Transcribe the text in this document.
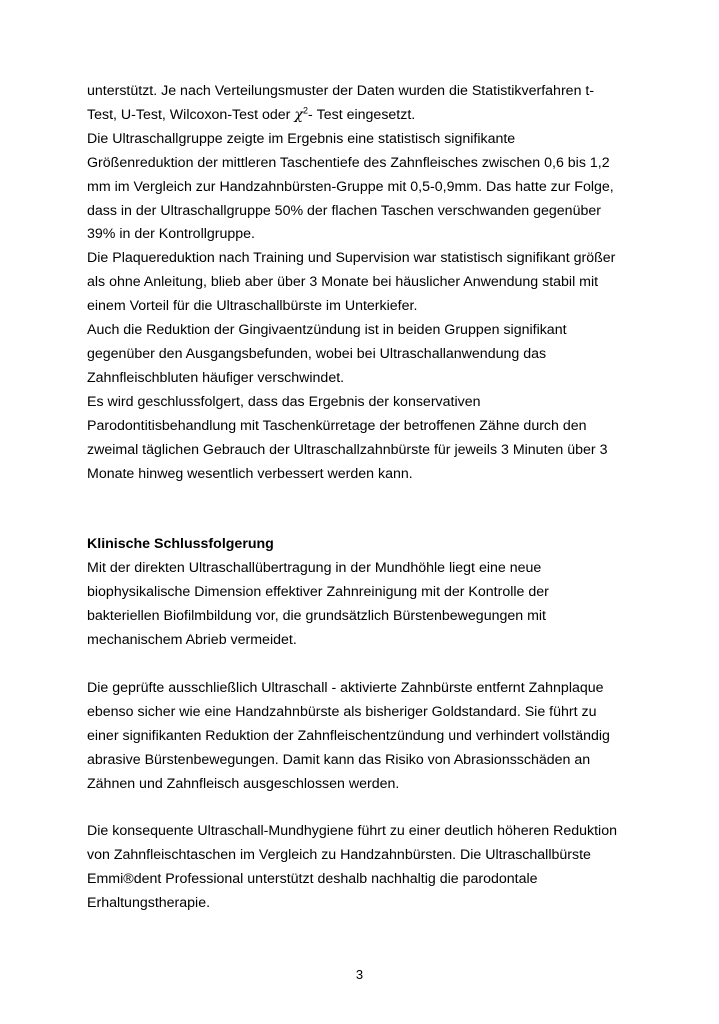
unterstützt. Je nach Verteilungsmuster der Daten wurden die Statistikverfahren t-
Test, U-Test, Wilcoxon-Test oder $\chi^2-$ Test eingesetzt.
Die Ultraschallgruppe zeigte im Ergebnis eine statistisch signifikante
Größenreduktion der mittleren Taschentiefe des Zahnfleisches zwischen 0,6 bis 1,2
mm im Vergleich zur Handzahnbürsten-Gruppe mit 0,5-0,9mm. Das hatte zur Folge,
dass in der Ultraschallgruppe 50% der flachen Taschen verschwanden gegenüber
39% in der Kontrollgruppe.
Die Plaquereduktion nach Training und Supervision war statistisch signifikant größer
als ohne Anleitung, blieb aber über 3 Monate bei häuslicher Anwendung stabil mit
einem Vorteil für die Ultraschallbürste im Unterkiefer.
Auch die Reduktion der Gingivaentzündung ist in beiden Gruppen signifikant
gegenüber den Ausgangsbefunden, wobei bei Ultraschallanwendung das
Zahnfleischbluten häufiger verschwindet.
Es wird geschlussfolgert, dass das Ergebnis der konservativen
Parodontitisbehandlung mit Taschenkürretage der betroffenen Zähne durch den
zweimal täglichen Gebrauch der Ultraschallzahnbürste für jeweils 3 Minuten über 3
Monate hinweg wesentlich verbessert werden kann.
Klinische Schlussfolgerung
Mit der direkten Ultraschallübertragung in der Mundhöhle liegt eine neue
biophysikalische Dimension effektiver Zahnreinigung mit der Kontrolle der
bakteriellen Biofilmbildung vor, die grundsätzlich Bürstenbewegungen mit
mechanischem Abrieb vermeidet.
Die geprüfte ausschließlich Ultraschall - aktivierte Zahnbürste entfernt Zahnplaque
ebenso sicher wie eine Handzahnbürste als bisheriger Goldstandard. Sie führt zu
einer signifikanten Reduktion der Zahnfleischentzündung und verhindert vollständig
abrasive Bürstenbewegungen. Damit kann das Risiko von Abrasionsschäden an
Zähnen und Zahnfleisch ausgeschlossen werden.
Die konsequente Ultraschall-Mundhygiene führt zu einer deutlich höheren Reduktion
von Zahnfleischtaschen im Vergleich zu Handzahnbürsten. Die Ultraschallbürste
Emmi®dent Professional unterstützt deshalb nachhaltig die parodontale
Erhaltungstherapie.
3
